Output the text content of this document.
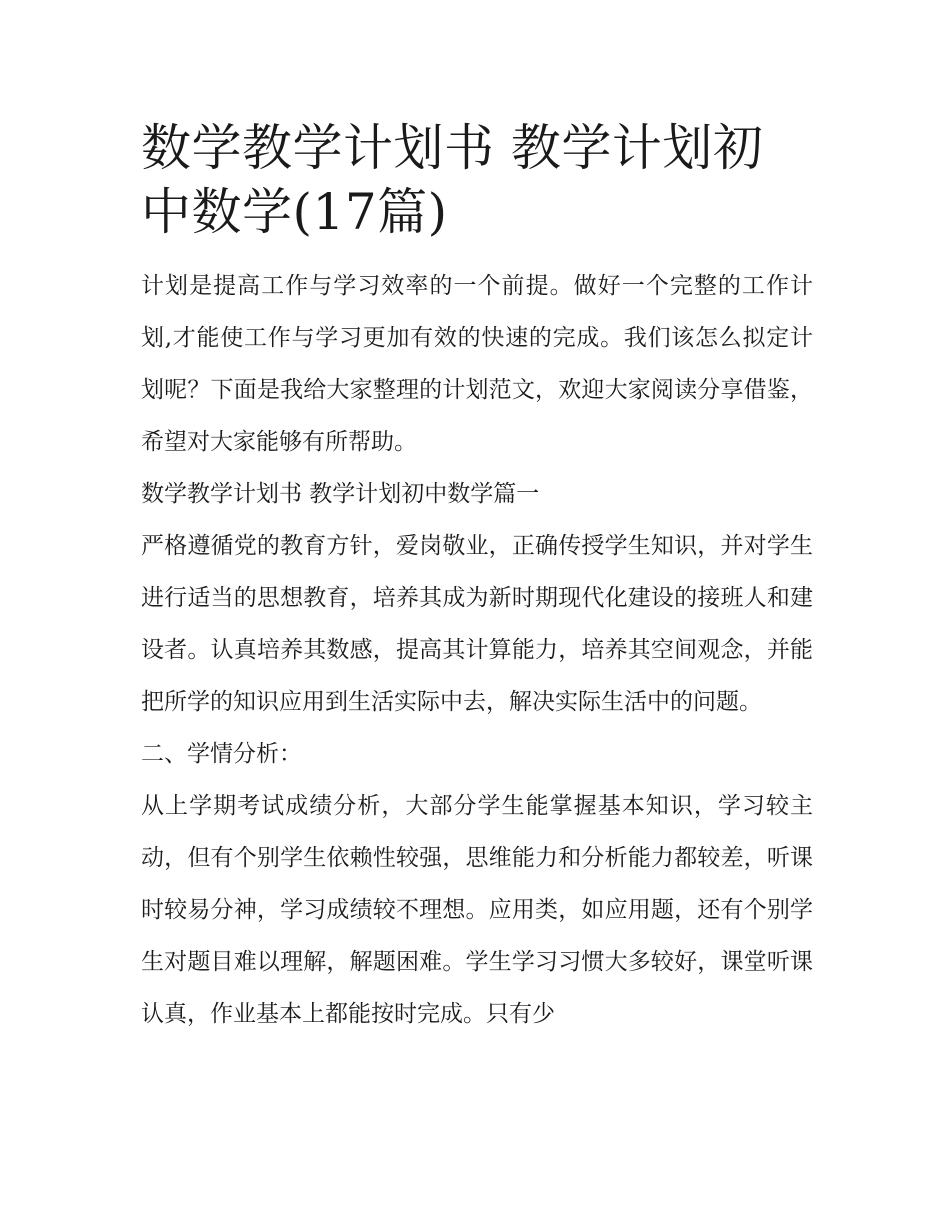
数学教学计划书 教学计划初中数学(17篇)

计划是提高工作与学习效率的一个前提。做好一个完整的工作计划,才能使工作与学习更加有效的快速的完成。我们该怎么拟定计划呢？下面是我给大家整理的计划范文，欢迎大家阅读分享借鉴，希望对大家能够有所帮助。

数学教学计划书 教学计划初中数学篇一

严格遵循党的教育方针，爱岗敬业，正确传授学生知识，并对学生进行适当的思想教育，培养其成为新时期现代化建设的接班人和建设者。认真培养其数感，提高其计算能力，培养其空间观念，并能把所学的知识应用到生活实际中去，解决实际生活中的问题。

二、学情分析：

从上学期考试成绩分析，大部分学生能掌握基本知识，学习较主动，但有个别学生依赖性较强，思维能力和分析能力都较差，听课时较易分神，学习成绩较不理想。应用类，如应用题，还有个别学生对题目难以理解，解题困难。学生学习习惯大多较好，课堂听课认真，作业基本上都能按时完成。只有少
